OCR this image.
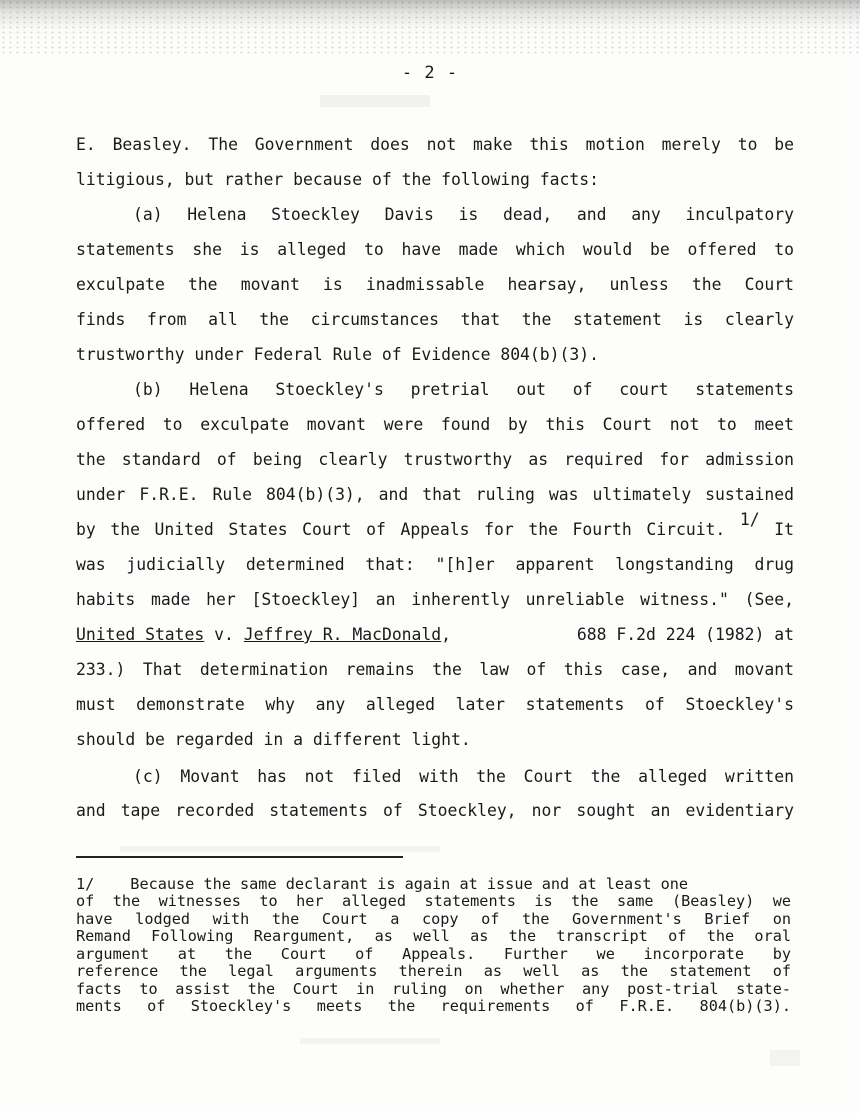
- 2 -
E. Beasley. The Government does not make this motion merely to be
litigious, but rather because of the following facts:
(a) Helena Stoeckley Davis is dead, and any inculpatory
statements she is alleged to have made which would be offered to
exculpate the movant is inadmissable hearsay, unless the Court
finds from all the circumstances that the statement is clearly
trustworthy under Federal Rule of Evidence 804(b)(3).
(b) Helena Stoeckley's pretrial out of court statements
offered to exculpate movant were found by this Court not to meet
the standard of being clearly trustworthy as required for admission
under F.R.E. Rule 804(b)(3), and that ruling was ultimately sustained
by the United States Court of Appeals for the Fourth Circuit. 1/ It
was judicially determined that: "[h]er apparent longstanding drug
habits made her [Stoeckley] an inherently unreliable witness." (See,
United States v. Jeffrey R. MacDonald,	688 F.2d 224 (1982) at
233.) That determination remains the law of this case, and movant
must demonstrate why any alleged later statements of Stoeckley's
should be regarded in a different light.
(c) Movant has not filed with the Court the alleged written
and tape recorded statements of Stoeckley, nor sought an evidentiary
1/ Because the same declarant is again at issue and at least one
of the witnesses to her alleged statements is the same (Beasley) we
have lodged with the Court a copy of the Government's Brief on
Remand Following Reargument, as well as the transcript of the oral
argument at the Court of Appeals. Further we incorporate by
reference the legal arguments therein as well as the statement of
facts to assist the Court in ruling on whether any post-trial state-
ments of Stoeckley's meets the requirements of F.R.E. 804(b)(3).
